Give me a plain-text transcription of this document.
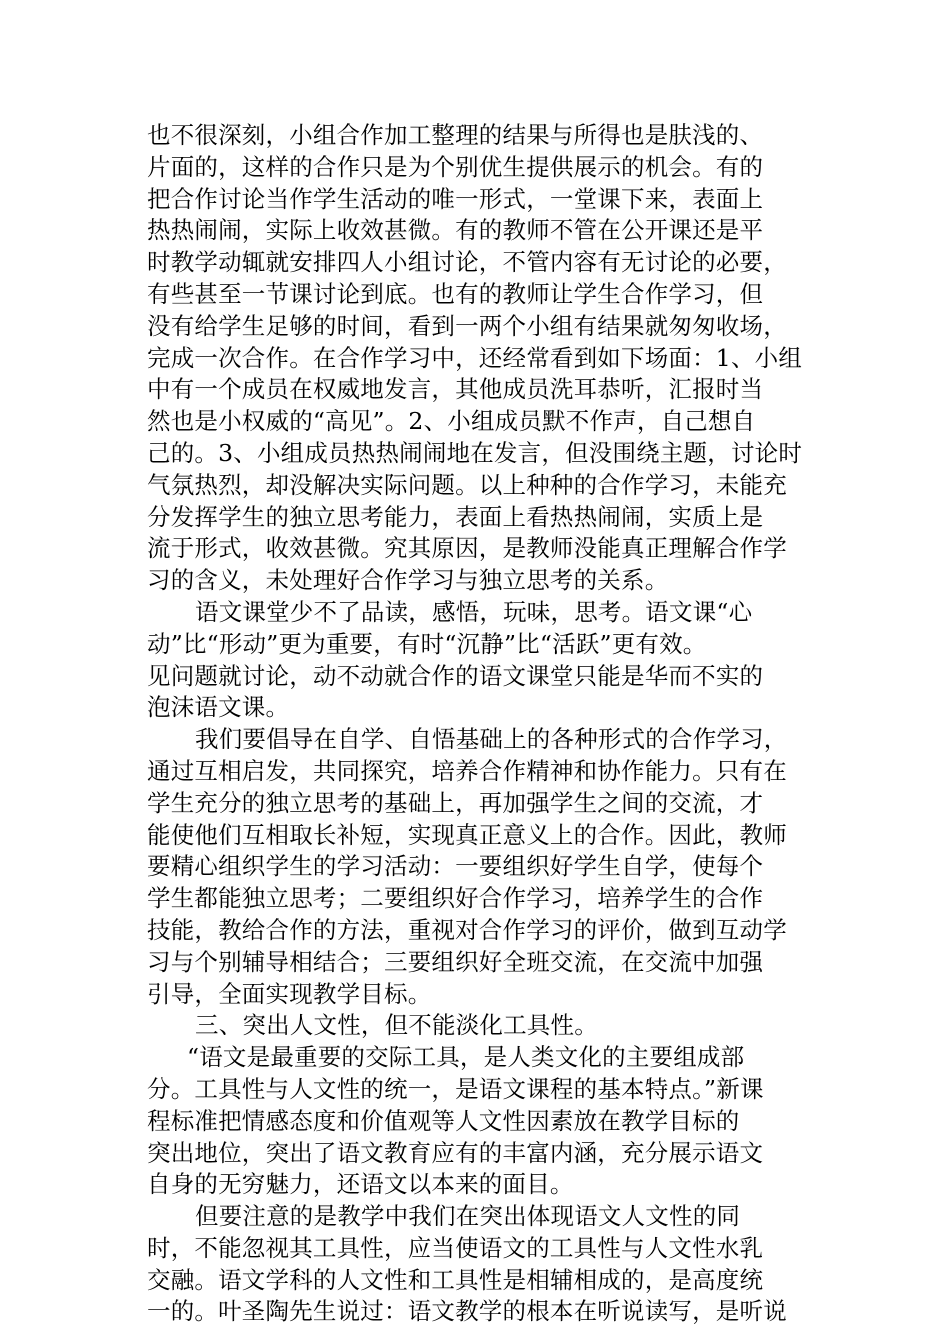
也不很深刻，小组合作加工整理的结果与所得也是肤浅的、
片面的，这样的合作只是为个别优生提供展示的机会。有的
把合作讨论当作学生活动的唯一形式，一堂课下来，表面上
热热闹闹，实际上收效甚微。有的教师不管在公开课还是平
时教学动辄就安排四人小组讨论，不管内容有无讨论的必要，
有些甚至一节课讨论到底。也有的教师让学生合作学习，但
没有给学生足够的时间，看到一两个小组有结果就匆匆收场，
完成一次合作。在合作学习中，还经常看到如下场面：1、小组
中有一个成员在权威地发言，其他成员洗耳恭听，汇报时当
然也是小权威的“高见”。2、小组成员默不作声，自己想自
己的。3、小组成员热热闹闹地在发言，但没围绕主题，讨论时
气氛热烈，却没解决实际问题。以上种种的合作学习，未能充
分发挥学生的独立思考能力，表面上看热热闹闹，实质上是
流于形式，收效甚微。究其原因，是教师没能真正理解合作学
习的含义，未处理好合作学习与独立思考的关系。
语文课堂少不了品读，感悟，玩味，思考。语文课“心
动”比“形动”更为重要，有时“沉静”比“活跃”更有效。
见问题就讨论，动不动就合作的语文课堂只能是华而不实的
泡沫语文课。
我们要倡导在自学、自悟基础上的各种形式的合作学习，
通过互相启发，共同探究，培养合作精神和协作能力。只有在
学生充分的独立思考的基础上，再加强学生之间的交流，才
能使他们互相取长补短，实现真正意义上的合作。因此，教师
要精心组织学生的学习活动：一要组织好学生自学，使每个
学生都能独立思考；二要组织好合作学习，培养学生的合作
技能，教给合作的方法，重视对合作学习的评价，做到互动学
习与个别辅导相结合；三要组织好全班交流，在交流中加强
引导，全面实现教学目标。
三、突出人文性，但不能淡化工具性。
“语文是最重要的交际工具，是人类文化的主要组成部
分。工具性与人文性的统一，是语文课程的基本特点。”新课
程标准把情感态度和价值观等人文性因素放在教学目标的
突出地位，突出了语文教育应有的丰富内涵，充分展示语文
自身的无穷魅力，还语文以本来的面目。
但要注意的是教学中我们在突出体现语文人文性的同
时，不能忽视其工具性，应当使语文的工具性与人文性水乳
交融。语文学科的人文性和工具性是相辅相成的，是高度统
一的。叶圣陶先生说过：语文教学的根本在听说读写，是听说
